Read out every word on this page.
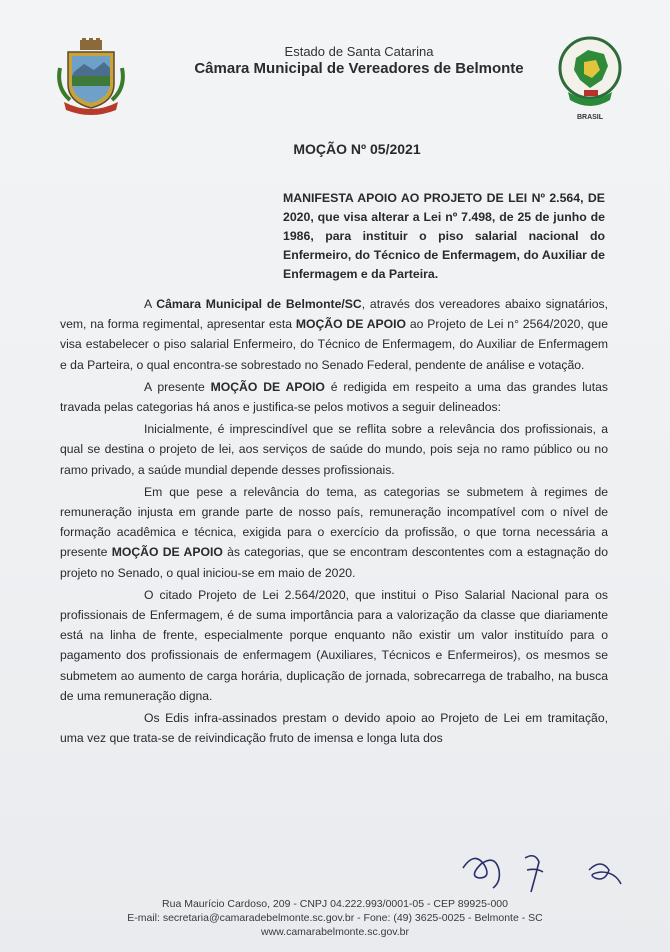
BRASIL
Estado de Santa Catarina
Câmara Municipal de Vereadores de Belmonte
MOÇÃO Nº 05/2021
MANIFESTA APOIO AO PROJETO DE LEI Nº 2.564, DE 2020, que visa alterar a Lei nº 7.498, de 25 de junho de 1986, para instituir o piso salarial nacional do Enfermeiro, do Técnico de Enfermagem, do Auxiliar de Enfermagem e da Parteira.

A Câmara Municipal de Belmonte/SC, através dos vereadores abaixo signatários, vem, na forma regimental, apresentar esta MOÇÃO DE APOIO ao Projeto de Lei n° 2564/2020, que visa estabelecer o piso salarial Enfermeiro, do Técnico de Enfermagem, do Auxiliar de Enfermagem e da Parteira, o qual encontra-se sobrestado no Senado Federal, pendente de análise e votação.

A presente MOÇÃO DE APOIO é redigida em respeito a uma das grandes lutas travada pelas categorias há anos e justifica-se pelos motivos a seguir delineados:

Inicialmente, é imprescindível que se reflita sobre a relevância dos profissionais, a qual se destina o projeto de lei, aos serviços de saúde do mundo, pois seja no ramo público ou no ramo privado, a saúde mundial depende desses profissionais.

Em que pese a relevância do tema, as categorias se submetem à regimes de remuneração injusta em grande parte de nosso país, remuneração incompatível com o nível de formação acadêmica e técnica, exigida para o exercício da profissão, o que torna necessária a presente MOÇÃO DE APOIO às categorias, que se encontram descontentes com a estagnação do projeto no Senado, o qual iniciou-se em maio de 2020.

O citado Projeto de Lei 2.564/2020, que institui o Piso Salarial Nacional para os profissionais de Enfermagem, é de suma importância para a valorização da classe que diariamente está na linha de frente, especialmente porque enquanto não existir um valor instituído para o pagamento dos profissionais de enfermagem (Auxiliares, Técnicos e Enfermeiros), os mesmos se submetem ao aumento de carga horária, duplicação de jornada, sobrecarrega de trabalho, na busca de uma remuneração digna.

Os Edis infra-assinados prestam o devido apoio ao Projeto de Lei em tramitação, uma vez que trata-se de reivindicação fruto de imensa e longa luta dos

Rua Maurício Cardoso, 209 - CNPJ 04.222.993/0001-05 - CEP 89925-000
E-mail: secretaria@camaradebelmonte.sc.gov.br - Fone: (49) 3625-0025 - Belmonte - SC
www.camarabelmonte.sc.gov.br
